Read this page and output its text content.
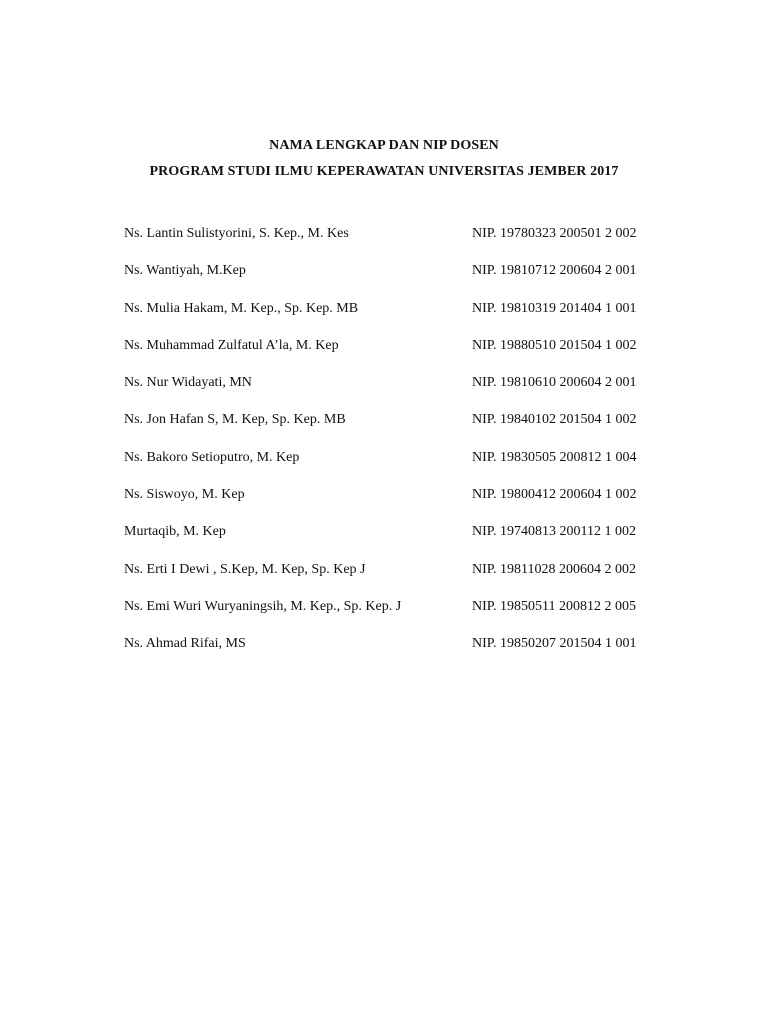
NAMA LENGKAP DAN NIP DOSEN
PROGRAM STUDI ILMU KEPERAWATAN UNIVERSITAS JEMBER 2017
Ns. Lantin Sulistyorini, S. Kep., M. Kes	NIP. 19780323 200501 2 002
Ns. Wantiyah, M.Kep	NIP. 19810712 200604 2 001
Ns. Mulia Hakam, M. Kep., Sp. Kep. MB	NIP. 19810319 201404 1 001
Ns. Muhammad Zulfatul A’la, M. Kep	NIP. 19880510 201504 1 002
Ns. Nur Widayati, MN	NIP. 19810610 200604 2 001
Ns. Jon Hafan S, M. Kep, Sp. Kep. MB	NIP. 19840102 201504 1 002
Ns. Bakoro Setioputro, M. Kep	NIP. 19830505 200812 1 004
Ns. Siswoyo, M. Kep	NIP. 19800412 200604 1 002
Murtaqib, M. Kep	NIP. 19740813 200112 1 002
Ns. Erti I Dewi , S.Kep, M. Kep, Sp. Kep J	NIP. 19811028 200604 2 002
Ns. Emi Wuri Wuryaningsih, M. Kep., Sp. Kep. J	NIP. 19850511 200812 2 005
Ns. Ahmad Rifai, MS	NIP. 19850207 201504 1 001
